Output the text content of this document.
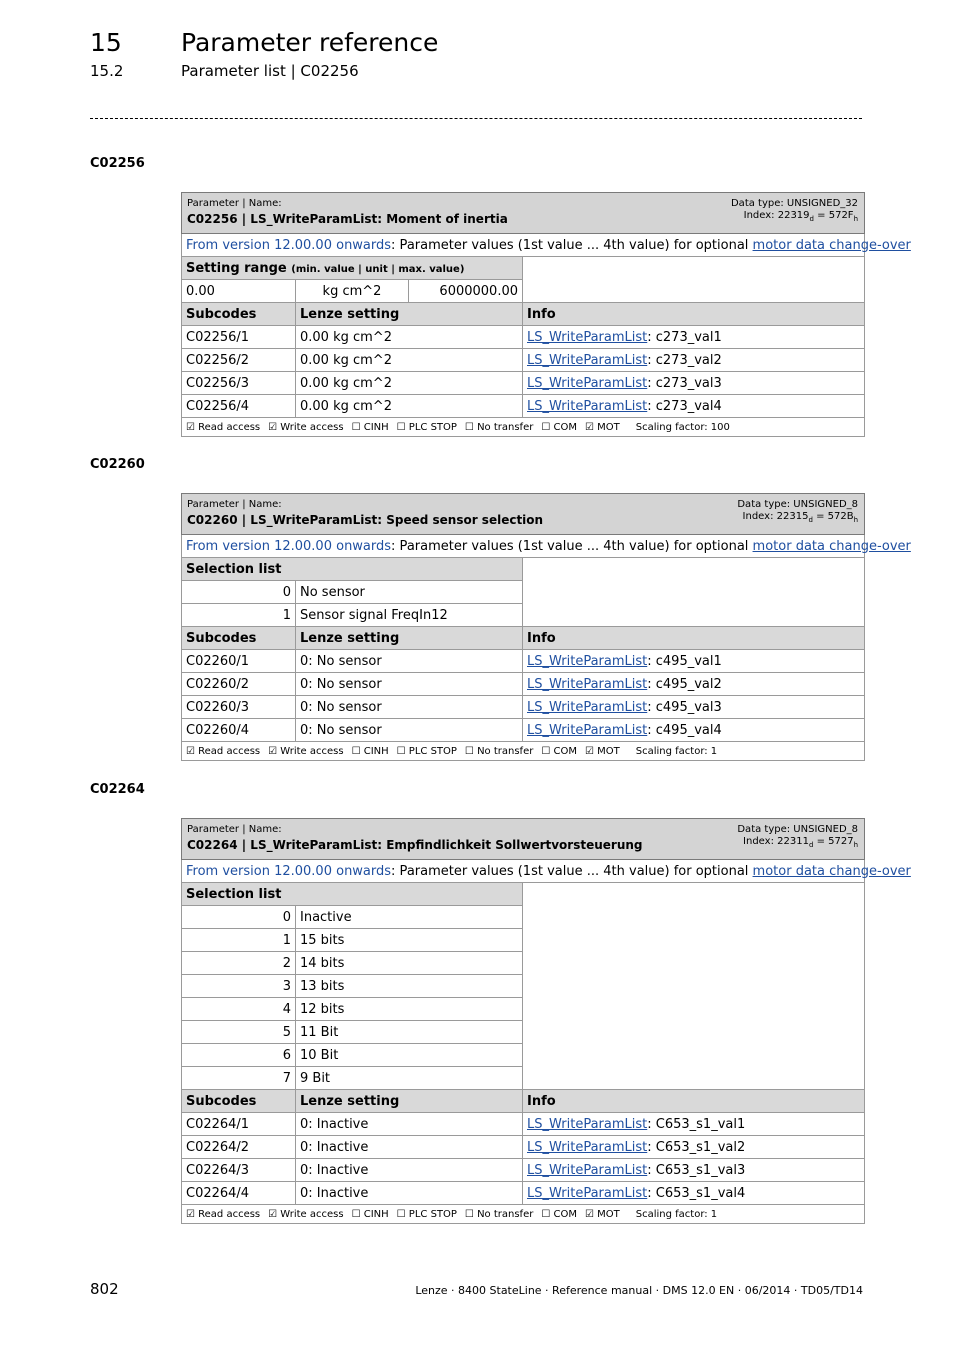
15 Parameter reference
15.2	Parameter list | C02256
C02256
Parameter | Name:
C02256 | LS_WriteParamList: Moment of inertia
Data type: UNSIGNED_32
Index: $22319_d = 572F_h$

From version 12.00.00 onwards: Parameter values (1st value ... 4th value) for optional motor data change-over			
Setting range (min. value | unit | max. value)			
0.00	kg cm^2	6000000.00	
Subcodes	Lenze setting		Info
C02256/1	0.00 kg cm^2		LS_WriteParamList: c273_val1
C02256/2	0.00 kg cm^2		LS_WriteParamList: c273_val2
C02256/3	0.00 kg cm^2		LS_WriteParamList: c273_val3
C02256/4	0.00 kg cm^2		LS_WriteParamList: c273_val4
☑ Read access ☑ Write access ☐ CINH ☐ PLC STOP ☐ No transfer ☐ COM ☑ MOT Scaling factor: 100			
C02260
Parameter | Name:
C02260 | LS_WriteParamList: Speed sensor selection
Data type: UNSIGNED_8
Index: $22315_d = 572B_h$

From version 12.00.00 onwards: Parameter values (1st value ... 4th value) for optional motor data change-over		
Selection list		
0	No sensor	
1	Sensor signal FreqIn12	
Subcodes	Lenze setting	Info
C02260/1	0: No sensor	LS_WriteParamList: c495_val1
C02260/2	0: No sensor	LS_WriteParamList: c495_val2
C02260/3	0: No sensor	LS_WriteParamList: c495_val3
C02260/4	0: No sensor	LS_WriteParamList: c495_val4
☑ Read access ☑ Write access ☐ CINH ☐ PLC STOP ☐ No transfer ☐ COM ☑ MOT Scaling factor: 1		
C02264
Parameter | Name:
C02264 | LS_WriteParamList: Empfindlichkeit Sollwertvorsteuerung
Data type: UNSIGNED_8
Index: $22311_d = 5727_h$

From version 12.00.00 onwards: Parameter values (1st value ... 4th value) for optional motor data change-over		
Selection list		
0	Inactive	
1	15 bits	
2	14 bits	
3	13 bits	
4	12 bits	
5	11 Bit	
6	10 Bit	
7	9 Bit	
Subcodes	Lenze setting	Info
C02264/1	0: Inactive	LS_WriteParamList: C653_s1_val1
C02264/2	0: Inactive	LS_WriteParamList: C653_s1_val2
C02264/3	0: Inactive	LS_WriteParamList: C653_s1_val3
C02264/4	0: Inactive	LS_WriteParamList: C653_s1_val4
☑ Read access ☑ Write access ☐ CINH ☐ PLC STOP ☐ No transfer ☐ COM ☑ MOT Scaling factor: 1		
802	Lenze · 8400 StateLine · Reference manual · DMS 12.0 EN · 06/2014 · TD05/TD14
